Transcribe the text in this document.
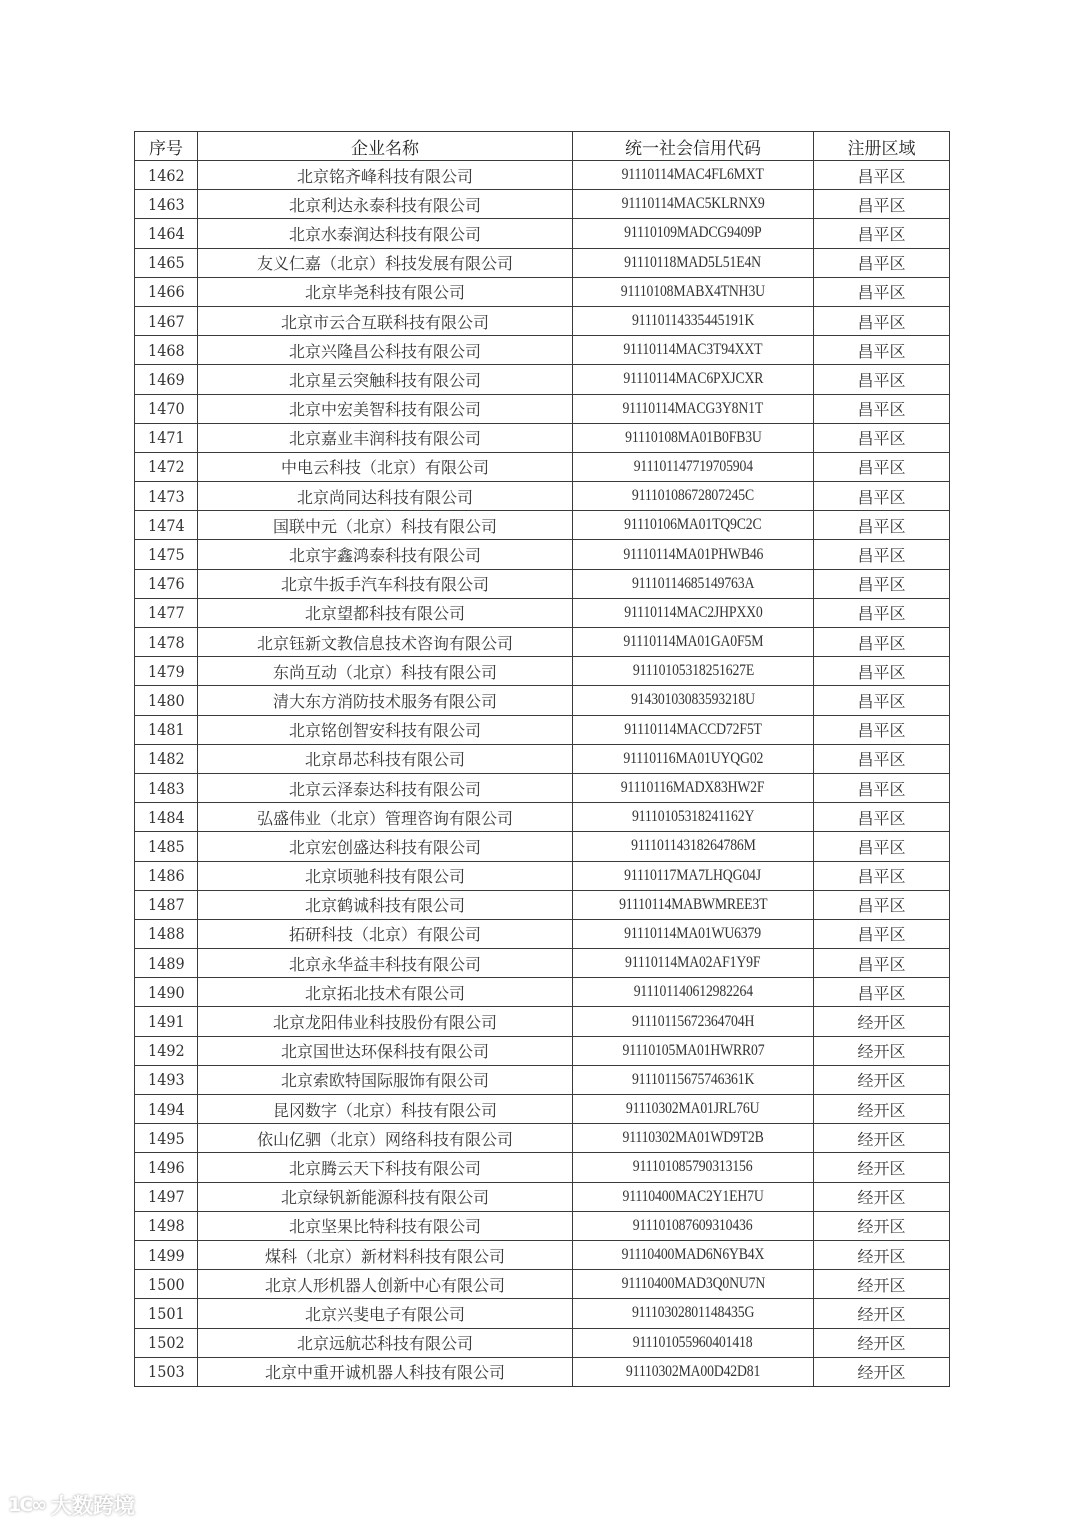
序号	企业名称	统一社会信用代码	注册区域
1462	北京铭齐峰科技有限公司	91110114MAC4FL6MXT	昌平区
1463	北京利达永泰科技有限公司	91110114MAC5KLRNX9	昌平区
1464	北京水泰润达科技有限公司	91110109MADCG9409P	昌平区
1465	友义仁嘉（北京）科技发展有限公司	91110118MAD5L51E4N	昌平区
1466	北京毕尧科技有限公司	91110108MABX4TNH3U	昌平区
1467	北京市云合互联科技有限公司	91110114335445191K	昌平区
1468	北京兴隆昌公科技有限公司	91110114MAC3T94XXT	昌平区
1469	北京星云突触科技有限公司	91110114MAC6PXJCXR	昌平区
1470	北京中宏美智科技有限公司	91110114MACG3Y8N1T	昌平区
1471	北京嘉业丰润科技有限公司	91110108MA01B0FB3U	昌平区
1472	中电云科技（北京）有限公司	911101147719705904	昌平区
1473	北京尚同达科技有限公司	91110108672807245C	昌平区
1474	国联中元（北京）科技有限公司	91110106MA01TQ9C2C	昌平区
1475	北京宇鑫鸿泰科技有限公司	91110114MA01PHWB46	昌平区
1476	北京牛扳手汽车科技有限公司	91110114685149763A	昌平区
1477	北京望都科技有限公司	91110114MAC2JHPXX0	昌平区
1478	北京钰新文教信息技术咨询有限公司	91110114MA01GA0F5M	昌平区
1479	东尚互动（北京）科技有限公司	91110105318251627E	昌平区
1480	清大东方消防技术服务有限公司	91430103083593218U	昌平区
1481	北京铭创智安科技有限公司	91110114MACCD72F5T	昌平区
1482	北京昂芯科技有限公司	91110116MA01UYQG02	昌平区
1483	北京云泽泰达科技有限公司	91110116MADX83HW2F	昌平区
1484	弘盛伟业（北京）管理咨询有限公司	91110105318241162Y	昌平区
1485	北京宏创盛达科技有限公司	91110114318264786M	昌平区
1486	北京顷驰科技有限公司	91110117MA7LHQG04J	昌平区
1487	北京鹤诚科技有限公司	91110114MABWMREE3T	昌平区
1488	拓研科技（北京）有限公司	91110114MA01WU6379	昌平区
1489	北京永华益丰科技有限公司	91110114MA02AF1Y9F	昌平区
1490	北京拓北技术有限公司	911101140612982264	昌平区
1491	北京龙阳伟业科技股份有限公司	91110115672364704H	经开区
1492	北京国世达环保科技有限公司	91110105MA01HWRR07	经开区
1493	北京索欧特国际服饰有限公司	91110115675746361K	经开区
1494	昆冈数字（北京）科技有限公司	91110302MA01JRL76U	经开区
1495	依山亿驷（北京）网络科技有限公司	91110302MA01WD9T2B	经开区
1496	北京腾云天下科技有限公司	911101085790313156	经开区
1497	北京绿钒新能源科技有限公司	91110400MAC2Y1EH7U	经开区
1498	北京坚果比特科技有限公司	911101087609310436	经开区
1499	煤科（北京）新材料科技有限公司	91110400MAD6N6YB4X	经开区
1500	北京人形机器人创新中心有限公司	91110400MAD3Q0NU7N	经开区
1501	北京兴斐电子有限公司	91110302801148435G	经开区
1502	北京远航芯科技有限公司	911101055960401418	经开区
1503	北京中重开诚机器人科技有限公司	91110302MA00D42D81	经开区
1C∞ 大数跨境
